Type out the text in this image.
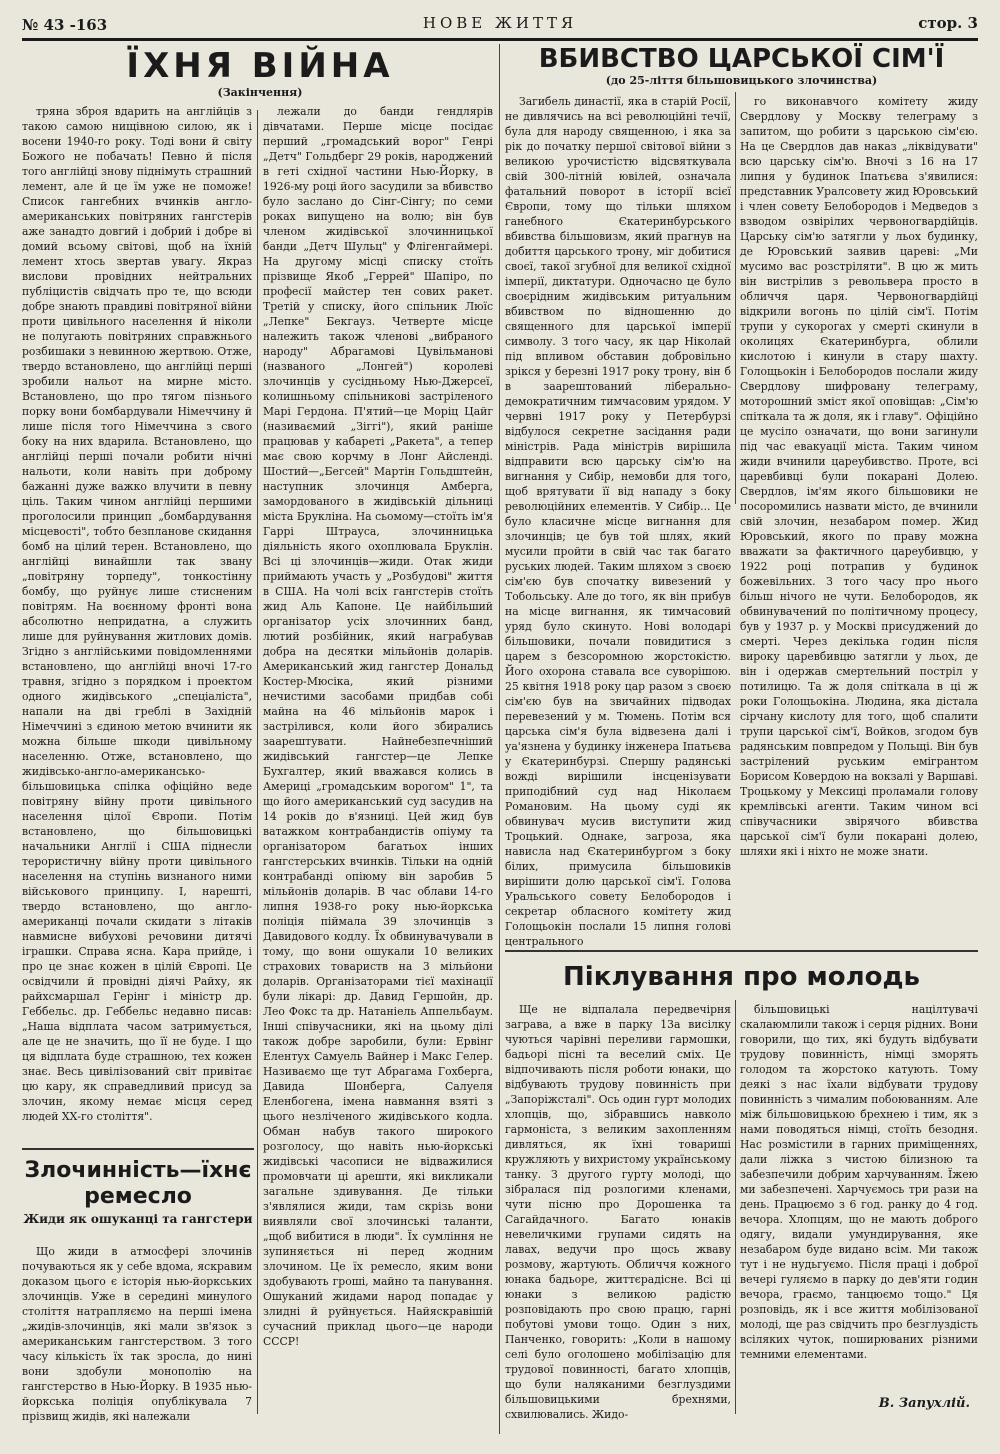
№ 43 -163	НОВЕ ЖИТТЯ	стор. 3
ЇХНЯ ВІЙНА
(Закінчення)

тряна зброя вдарить на англійців з такою самою нищівною силою, як і восени 1940-го року. Тоді вони й світу Божого не побачать! Певно й після того англійці знову піднімуть страшний лемент, але й це їм уже не поможе! Список гангебних вчинків англо-американських повітряних гангстерів аже занадто довгий і добрий і добре ві домий всьому світові, щоб на їхній лемент хтось звертав увагу. Якраз вислови провідних нейтральних публіцистів свідчать про те, що всюди добре знають правдиві повітряної війни проти цивільного населення й ніколи не полугають повітряних справжнього розбишаки з невинною жертвою. Отже, твердо встановлено, що англійці перші зробили нальот на мирне місто. Встановлено, що про тягом пізнього порку вони бомбардували Німеччину й лише після того Німеччина з свого боку на них вдарила. Встановлено, що англійці перші почали робити нічні нальоти, коли навіть при доброму бажанні дуже важко влучити в певну ціль. Таким чином англійці першими проголосили принцип „бомбардування місцевості", тобто безпланове скидання бомб на цілий терен. Встановлено, що англійці винайшли так звану „повітряну торпеду", тонкостінну бомбу, що руйнує лише стисненим повітрям. На воєнному фронті вона абсолютно непридатна, а служить лише для руйнування житлових домів. Згідно з англійськими повідомленнями встановлено, що англійці вночі 17-го травня, згідно з порядком і проектом одного жидівського „спеціаліста", напали на дві греблі в Західній Німеччині з єдиною метою вчинити як можна більше шкоди цивільному населенню. Отже, встановлено, що жидівсько-англо-американсько-більшовицька спілка офіційно веде повітряну війну проти цивільного населення цілої Європи. Потім встановлено, що більшовицькі начальники Англії і США піднесли терористичну війну проти цивільного населення на ступінь визнаного ними військового принципу. І, нарешті, твердо встановлено, що англо-американці почали скидати з літаків навмисне вибухові речовини дитячі іграшки. Справа ясна. Кара прийде, і про це знає кожен в цілій Європі. Це освідчили й провідні діячі Райху, як райхсмаршал Герінг і міністр др. Геббельс. др. Геббельс недавно писав: „Наша відплата часом затримується, але це не значить, що її не буде. І що ця відплата буде страшною, тех кожен знає. Весь цивілізований світ привітає цю кару, як справедливий присуд за злочин, якому немає місця серед людей ХХ-го століття".

лежали до банди гендлярів дівчатами. Перше місце посідає перший „громадський ворог" Генрі „Детч" Гольдберг 29 років, народжений в геті східної частини Нью-Йорку, в 1926-му році його засудили за вбивство було заслано до Сінг-Сінгу; по семи роках випущено на волю; він був членом жидівської злочинницької банди „Детч Шульц" у Флігенгаймері. На другому місці списку стоїть прізвище Якоб „Геррей" Шапіро, по професії майстер тен сових ракет. Третій у списку, його спільник Люїс „Лепке" Бекгауз. Четверте місце належить також членові „вибраного народу" Абрагамові Цувільманові (названого „Лонгей") королеві злочинців у сусідньому Нью-Джерсеї, колишньому спільникові застріленого Марі Гердона. П'ятий—це Моріц Цайг (називаємий „Зіггі"), який раніше працював у кабареті „Ракета", а тепер має свою корчму в Лонг Айсленді. Шостий—„Бегсей" Мартін Гольдштейн, наступник злочинця Амберга, замордованого в жидівській дільниці міста Брукліна. На сьомому—стоїть ім'я Гаррі Штрауса, злочинницька діяльність якого охоплювала Бруклін. Всі ці злочинців—жиди. Отак жиди приймають участь у „Розбудові" життя в США. На чолі всіх гангстерів стоїть жид Аль Капоне. Це найбільший організатор усіх злочинних банд, лютий розбійник, який награбував добра на десятки мільйонів доларів. Американський жид гангстер Дональд Костер-Мюсіка, який різними нечистими засобами придбав собі майна на 46 мільйонів марок і застрілився, коли його збирались заарештувати. Найнебезпечніший жидівський гангстер—це Лепке Бухгалтер, який вважався колись в Америці „громадським ворогом" 1", та що його американський суд засудив на 14 років до в'язниці. Цей жид був ватажком контрабандистів опіуму та організатором багатьох інших гангстерських вчинків. Тільки на одній контрабанді опіюму він заробив 5 мільйонів доларів. В час облави 14-го липня 1938-го року нью-йоркська поліція піймала 39 злочинців з Давидового кодлу. Їх обвинувачували в тому, що вони ошукали 10 великих страхових товариств на 3 мільйони доларів. Організаторами тієї махінації були лікарі: др. Давид Гершойн, др. Лео Фокс та др. Натаніель Аппельбаум. Інші співучасники, які на цьому ділі також добре заробили, були: Ервінг Елентух Самуель Вайнер і Макс Гелер. Називаємо ще тут Абрагама Гохберга, Давида Шонберга, Салуеля Еленбогена, імена навмання взяті з цього незліченого жидівського кодла. Обман набув такого широкого розголосу, що навіть нью-йоркські жидівські часописи не відважилися промовчати ці арешти, які викликали загальне здивування. Де тільки з'являлися жиди, там скрізь вони виявляли свої злочинські таланти, „щоб вибитися в люди". Їх сумління не зупиняється ні перед жодним злочином. Це їх ремесло, яким вони здобувають гроші, майно та панування. Ошуканий жидами народ попадає у злидні й руйнується. Найяскравішій сучасний приклад цього—це народи СССР!

Злочинність—їхнє
ремесло
Жиди як ошуканці та гангстери

Що жиди в атмосфері злочинів почуваються як у себе вдома, яскравим доказом цього є історія нью-йоркських злочинців. Уже в середині минулого століття натрапляємо на перші імена „жидів-злочинців, які мали зв'язок з американським гангстерством. З того часу кількість їх так зросла, до нині вони здобули монополію на гангстерство в Нью-Йорку. В 1935 нью-йоркська поліція опублікувала 7 прізвищ жидів, які належали

ВБИВСТВО ЦАРСЬКОЇ СІМ'Ї
(до 25-ліття більшовицького злочинства)

Загибель династії, яка в старій Росії, не дивлячись на всі революційні течії, була для народу священною, і яка за рік до початку першої світової війни з великою урочистістю відсвяткувала свій 300-літній ювілей, означала фатальний поворот в історії всієї Європи, тому що тільки шляхом ганебного Єкатеринбурського вбивства більшовизм, який прагнув на добиття царського трону, міг добитися своєї, такої згубної для великої східної імперії, диктатури. Одночасно це було своєрідним жидівським ритуальним вбивством по відношенню до священного для царської імперії символу. З того часу, як цар Ніколай під впливом обставин добровільно зрікся у березні 1917 року трону, він б в заарештований ліберально-демократичним тимчасовим урядом. У червні 1917 року у Петербурзі відбулося секретне засідання ради міністрів. Рада міністрів вирішила відправити всю царську сім'ю на вигнання у Сибір, немовби для того, щоб врятувати її від нападу з боку революційних елементів. У Сибір... Це було класичне місце вигнання для злочинців; це був той шлях, який мусили пройти в свій час так багато руських людей. Таким шляхом з своєю сім'єю був спочатку вивезений у Тобольську. Але до того, як він прибув на місце вигнання, як тимчасовий уряд було скинуто. Нові володарі більшовики, почали повидитися з царем з безсоромною жорстокістю. Його охорона ставала все суворішою. 25 квітня 1918 року цар разом з своєю сім'єю був на звичайних підводах перевезений у м. Тюмень. Потім вся царська сім'я була відвезена далі і уа'язнена у будинку інженера Іпатьєва у Єкатеринбурзі. Спершу радянські вожді вирішили інсценізувати приподібний суд над Ніколаєм Романовим. На цьому суді як обвинувач мусив виступити жид Троцький. Однаке, загроза, яка нависла над Єкатеринбургом з боку білих, примусила більшовиків вирішити долю царської сім'ї. Голова Уральського совету Белобородов і секретар обласного комітету жид Голощьокін послали 15 липня голові центрального

го виконавчого комітету жиду Свердлову у Москву телеграму з запитом, що робити з царською сім'єю. На це Свердлов дав наказ „ліквідувати" всю царську сім'ю. Вночі з 16 на 17 липня у будинок Іпатьєва з'явилися: представник Уралсовету жид Юровський і член совету Белобородов і Медведов з взводом озвірілих червоногвардійців. Царську сім'ю затягли у льох будинку, де Юровський заявив цареві: „Ми мусимо вас розстріляти". В цю ж мить він вистрілив з револьвера просто в обличчя царя. Червоногвардійці відкрили вогонь по цілій сім'ї. Потім трупи у сукорогах у смерті скинули в околицях Єкатеринбурга, облили кислотою і кинули в стару шахту. Голощьокін і Белобородов послали жиду Свердлову шифровану телеграму, моторошний зміст якої оповіщав: „Сім'ю спіткала та ж доля, як і главу". Офіційно це мусіло означати, що вони загинули під час евакуації міста. Таким чином жиди вчинили цареубивство. Проте, всі царевбивці були покарані Долею. Свердлов, ім'ям якого більшовики не посоромились назвати місто, де вчинили свій злочин, незабаром помер. Жид Юровський, якого по праву можна вважати за фактичного цареубивцю, у 1922 році потрапив у будинок божевільних. З того часу про нього більш нічого не чути. Белобородов, як обвинувачений по політичному процесу, був у 1937 р. у Москві присуджений до смерті. Через декілька годин після вироку царевбивцю затягли у льох, де він і одержав смертельний постріл у потилицю. Та ж доля спіткала в ці ж роки Голощьокіна. Людина, яка дістала сірчану кислоту для того, щоб спалити трупи царської сім'ї, Войков, згодом був радянським повпредом у Польщі. Він був застрілений руським емігрантом Борисом Ковердою на вокзалі у Варшаві. Троцькому у Мексиці проламали голову кремлівські агенти. Таким чином всі співучасники звірячого вбивства царської сім'ї були покарані долею, шляхи які і ніхто не може знати.

Піклування про молодь

Ще не відпалала передвечірня заграва, а вже в парку 13а висілку чуються чарівні переливи гармошки, бадьорі пісні та веселий сміх. Це відпочивають після роботи юнаки, що відбувають трудову повинність при „Запоріжсталі". Ось один гурт молодих хлопців, що, зібравшись навколо гармоніста, з великим захопленням дивляться, як їхні товариші кружляють у вихристому українському танку. З другого гурту молоді, що зібралася під розлогими кленами, чути пісню про Дорошенка та Сагайдачного. Багато юнаків невеличкими групами сидять на лавах, ведучи про щось жваву розмову, жартують. Обличчя кожного юнака бадьоре, життєрадісне. Всі ці юнаки з великою радістю розповідають про свою працю, гарні побутові умови тощо. Один з них, Панченко, говорить: „Коли в нашому селі було оголошено мобілізацію для трудової повинності, багато хлопців, що були наляканими безглуздими більшовицькими брехнями, схвилювались. Жидо-

більшовицькі націлтувачі скалаюмлили також і серця рідних. Вони говорили, що тих, які будуть відбувати трудову повинність, німці зморять голодом та жорстоко катують. Тому деякі з нас їхали відбувати трудову повинність з чималим побоюванням. Але між більшовицькою брехнею і тим, як з нами поводяться німці, стоїть безодня. Нас розмістили в гарних приміщеннях, дали ліжка з чистою білизною та забезпечили добрим харчуванням. Їжею ми забезпечені. Харчуємось три рази на день. Працюємо з 6 год. ранку до 4 год. вечора. Хлопцям, що не мають доброго одягу, видали умундирування, яке незабаром буде видано всім. Ми також тут і не нудьгуємо. Після праці і доброї вечері гуляємо в парку до дев'яти годин вечора, граємо, танцюємо тощо." Ця розповідь, як і все життя мобілізованої молоді, ще раз свідчить про безглуздість всіляких чуток, поширюваних різними темними елементами.

В. Запухлій.
